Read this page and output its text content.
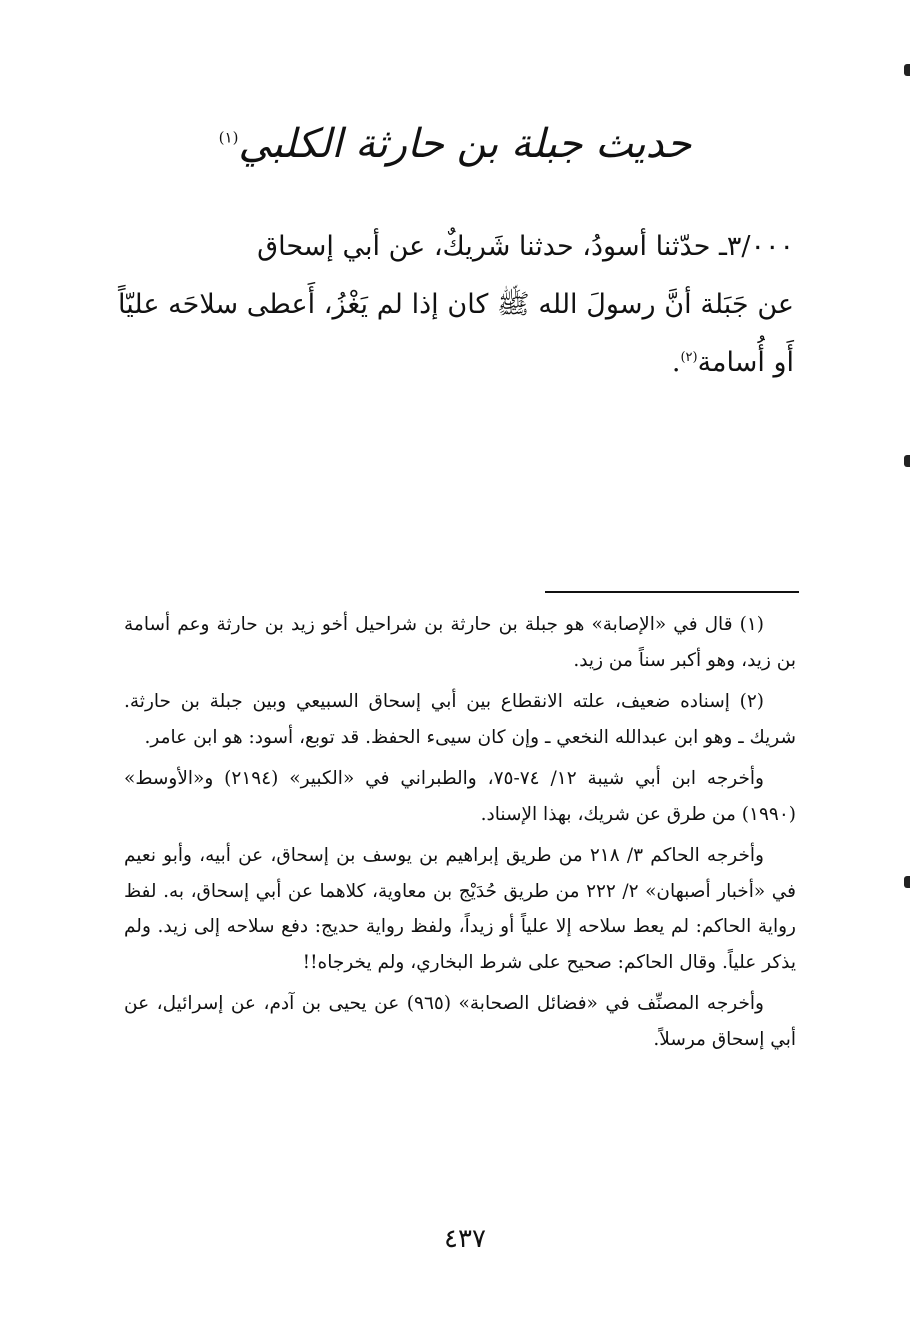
حديث جبلة بن حارثة الكلبي$^{(١)}$

٣/٠٠٠ـ حدّثنا أسودُ، حدثنا شَريكٌ، عن أبي إسحاق

عن جَبَلة أنَّ رسولَ الله ﷺ كان إذا لم يَغْزُ، أَعطى سلاحَه عليّاً أَو أُسامة$^{(٢)}$.

(١) قال في «الإصابة» هو جبلة بن حارثة بن شراحيل أخو زيد بن حارثة وعم أسامة بن زيد، وهو أكبر سناً من زيد.

(٢) إسناده ضعيف، علته الانقطاع بين أبي إسحاق السبيعي وبين جبلة بن حارثة. شريك ـ وهو ابن عبدالله النخعي ـ وإن كان سيىء الحفظ. قد توبع، أسود: هو ابن عامر.

وأخرجه ابن أبي شيبة ١٢/ ٧٤-٧٥، والطبراني في «الكبير» (٢١٩٤) و«الأوسط» (١٩٩٠) من طرق عن شريك، بهذا الإسناد.

وأخرجه الحاكم ٣/ ٢١٨ من طريق إبراهيم بن يوسف بن إسحاق، عن أبيه، وأبو نعيم في «أخبار أصبهان» ٢/ ٢٢٢ من طريق حُدَيْج بن معاوية، كلاهما عن أبي إسحاق، به. لفظ رواية الحاكم: لم يعط سلاحه إلا علياً أو زيداً، ولفظ رواية حديج: دفع سلاحه إلى زيد. ولم يذكر علياً. وقال الحاكم: صحيح على شرط البخاري، ولم يخرجاه!!

وأخرجه المصنِّف في «فضائل الصحابة» (٩٦٥) عن يحيى بن آدم، عن إسرائيل، عن أبي إسحاق مرسلاً.

٤٣٧
